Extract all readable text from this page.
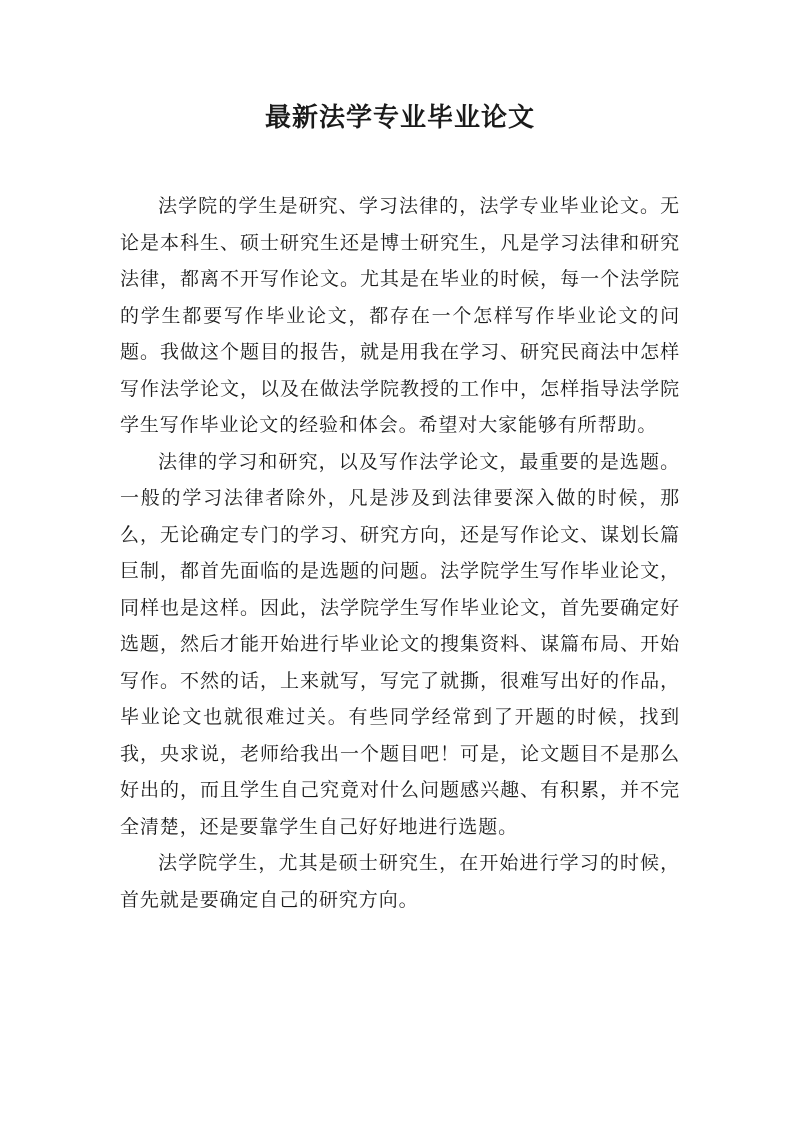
最新法学专业毕业论文

法学院的学生是研究、学习法律的，法学专业毕业论文。无论是本科生、硕士研究生还是博士研究生，凡是学习法律和研究法律，都离不开写作论文。尤其是在毕业的时候，每一个法学院的学生都要写作毕业论文，都存在一个怎样写作毕业论文的问题。我做这个题目的报告，就是用我在学习、研究民商法中怎样写作法学论文，以及在做法学院教授的工作中，怎样指导法学院学生写作毕业论文的经验和体会。希望对大家能够有所帮助。

法律的学习和研究，以及写作法学论文，最重要的是选题。一般的学习法律者除外，凡是涉及到法律要深入做的时候，那么，无论确定专门的学习、研究方向，还是写作论文、谋划长篇巨制，都首先面临的是选题的问题。法学院学生写作毕业论文，同样也是这样。因此，法学院学生写作毕业论文，首先要确定好选题，然后才能开始进行毕业论文的搜集资料、谋篇布局、开始写作。不然的话，上来就写，写完了就撕，很难写出好的作品，毕业论文也就很难过关。有些同学经常到了开题的时候，找到我，央求说，老师给我出一个题目吧！可是，论文题目不是那么好出的，而且学生自己究竟对什么问题感兴趣、有积累，并不完全清楚，还是要靠学生自己好好地进行选题。

法学院学生，尤其是硕士研究生，在开始进行学习的时候，首先就是要确定自己的研究方向。
